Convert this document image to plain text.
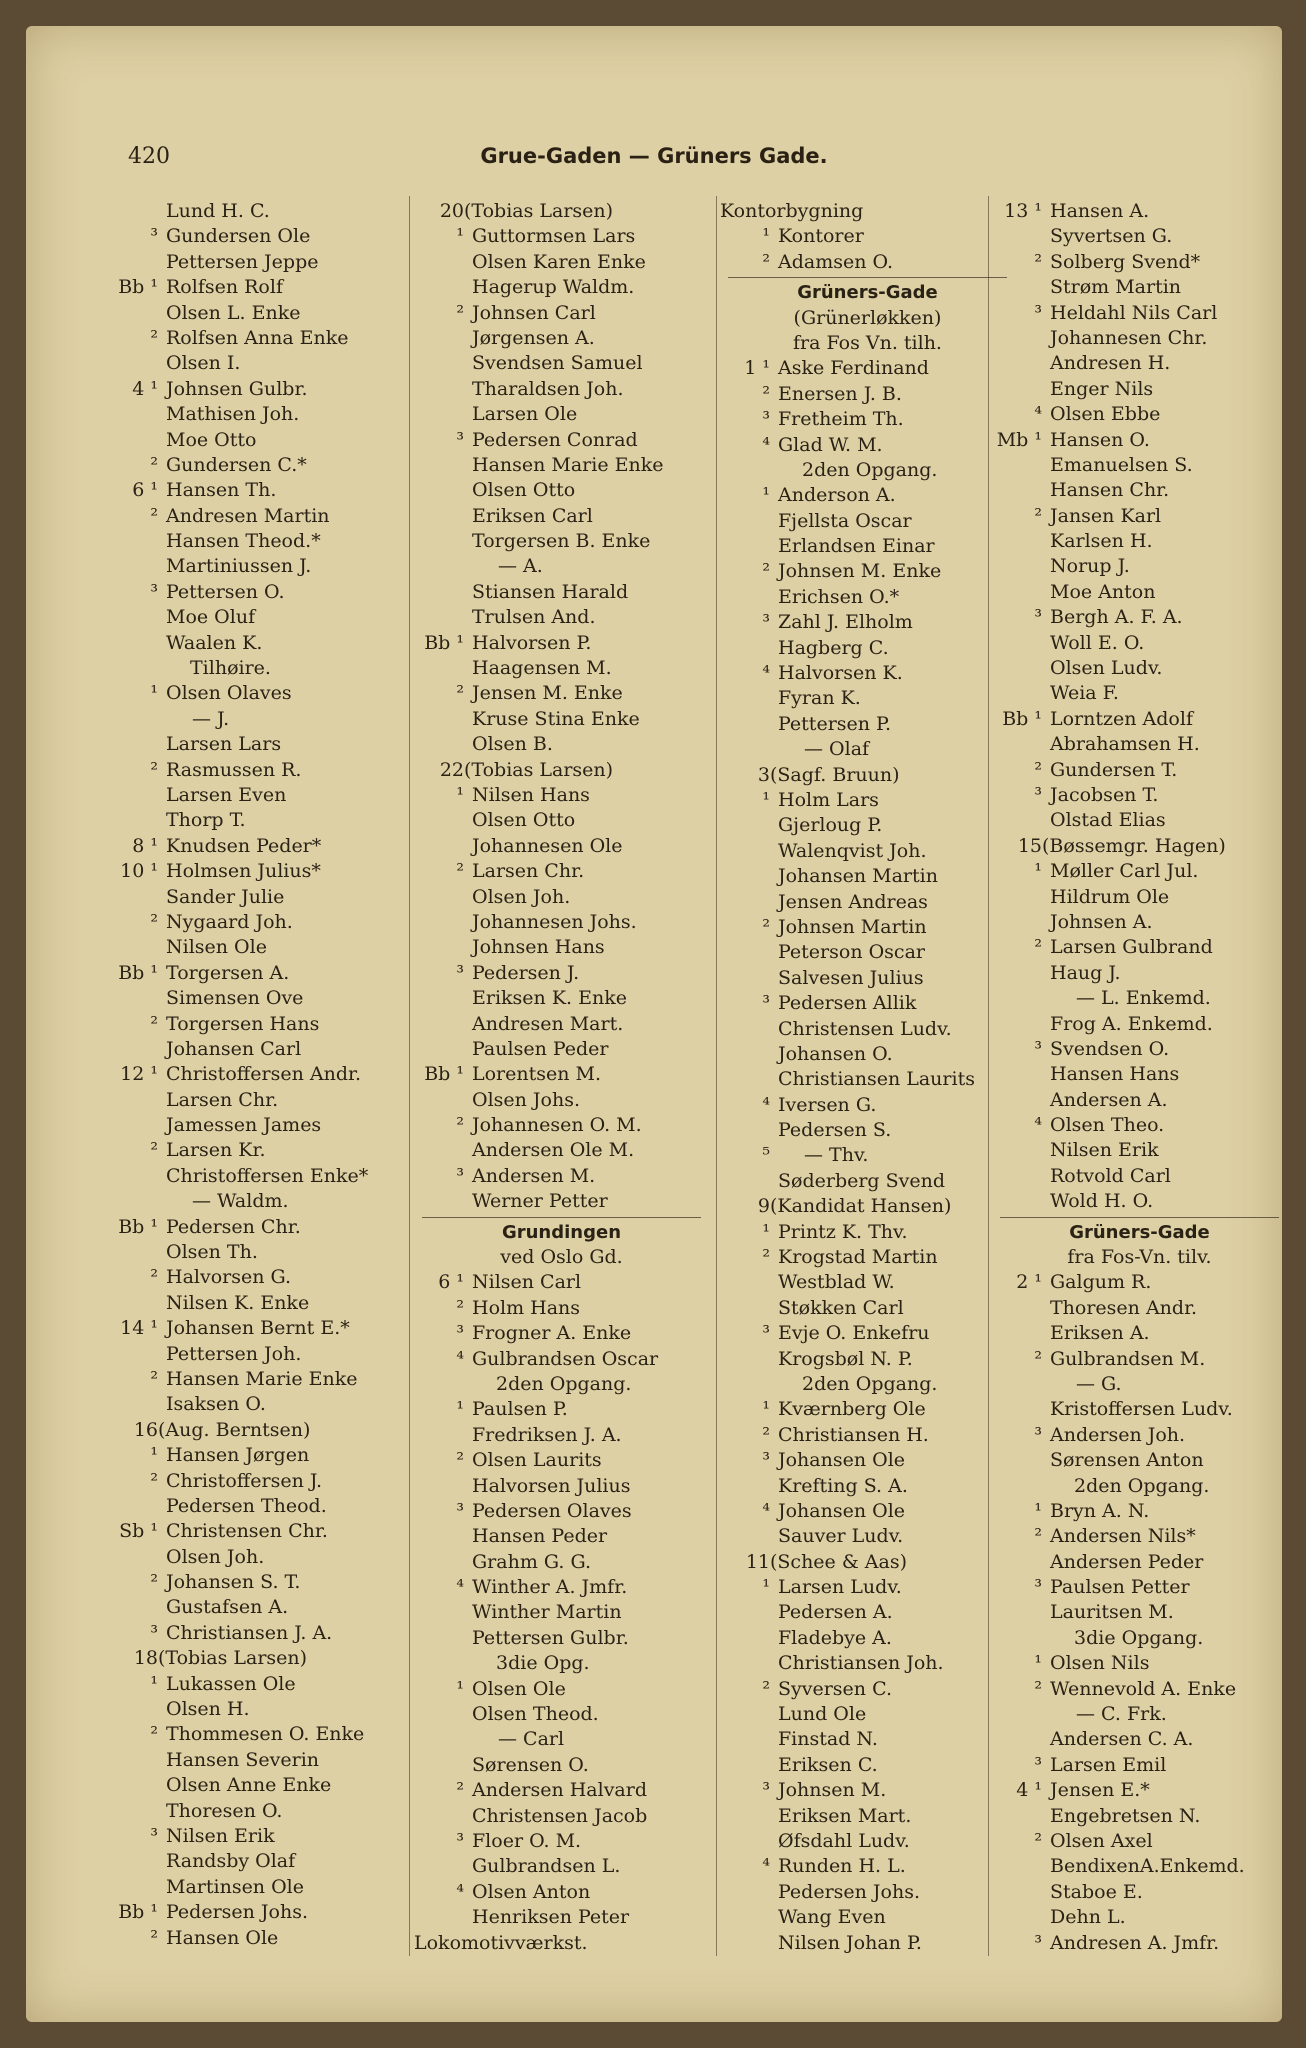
420	Grue-Gaden — Grüners Gade.
Lund H. C.
³ Gundersen Ole
Pettersen Jeppe
Bb ¹ Rolfsen Rolf
Olsen L. Enke
² Rolfsen Anna Enke
Olsen I.
4 ¹ Johnsen Gulbr.
Mathisen Joh.
Moe Otto
² Gundersen C.*
6 ¹ Hansen Th.
² Andresen Martin
Hansen Theod.*
Martiniussen J.
³ Pettersen O.
Moe Oluf
Waalen K.
Tilhøire.
¹ Olsen Olaves
— J.
Larsen Lars
² Rasmussen R.
Larsen Even
Thorp T.
8 ¹ Knudsen Peder*
10 ¹ Holmsen Julius*
Sander Julie
² Nygaard Joh.
Nilsen Ole
Bb ¹ Torgersen A.
Simensen Ove
² Torgersen Hans
Johansen Carl
12 ¹ Christoffersen Andr.
Larsen Chr.
Jamessen James
² Larsen Kr.
Christoffersen Enke*
— Waldm.
Bb ¹ Pedersen Chr.
Olsen Th.
² Halvorsen G.
Nilsen K. Enke
14 ¹ Johansen Bernt E.*
Pettersen Joh.
² Hansen Marie Enke
Isaksen O.
16 (Aug. Berntsen)
¹ Hansen Jørgen
² Christoffersen J.
Pedersen Theod.
Sb ¹ Christensen Chr.
Olsen Joh.
² Johansen S. T.
Gustafsen A.
³ Christiansen J. A.
18 (Tobias Larsen)
¹ Lukassen Ole
Olsen H.
² Thommesen O. Enke
Hansen Severin
Olsen Anne Enke
Thoresen O.
³ Nilsen Erik
Randsby Olaf
Martinsen Ole
Bb ¹ Pedersen Johs.
² Hansen Ole
20 (Tobias Larsen)
¹ Guttormsen Lars
Olsen Karen Enke
Hagerup Waldm.
² Johnsen Carl
Jørgensen A.
Svendsen Samuel
Tharaldsen Joh.
Larsen Ole
³ Pedersen Conrad
Hansen Marie Enke
Olsen Otto
Eriksen Carl
Torgersen B. Enke
— A.
Stiansen Harald
Trulsen And.
Bb ¹ Halvorsen P.
Haagensen M.
² Jensen M. Enke
Kruse Stina Enke
Olsen B.
22 (Tobias Larsen)
¹ Nilsen Hans
Olsen Otto
Johannesen Ole
² Larsen Chr.
Olsen Joh.
Johannesen Johs.
Johnsen Hans
³ Pedersen J.
Eriksen K. Enke
Andresen Mart.
Paulsen Peder
Bb ¹ Lorentsen M.
Olsen Johs.
² Johannesen O. M.
Andersen Ole M.
³ Andersen M.
Werner Petter
Grundingen
ved Oslo Gd.
6 ¹ Nilsen Carl
² Holm Hans
³ Frogner A. Enke
⁴ Gulbrandsen Oscar
2den Opgang.
¹ Paulsen P.
Fredriksen J. A.
² Olsen Laurits
Halvorsen Julius
³ Pedersen Olaves
Hansen Peder
Grahm G. G.
⁴ Winther A. Jmfr.
Winther Martin
Pettersen Gulbr.
3die Opg.
¹ Olsen Ole
Olsen Theod.
— Carl
Sørensen O.
² Andersen Halvard
Christensen Jacob
³ Floer O. M.
Gulbrandsen L.
⁴ Olsen Anton
Henriksen Peter
Lokomotivværkst.
Kontorbygning
¹ Kontorer
² Adamsen O.
Grüners-Gade
(Grünerløkken)
fra Fos Vn. tilh.
1 ¹ Aske Ferdinand
² Enersen J. B.
³ Fretheim Th.
⁴ Glad W. M.
2den Opgang.
¹ Anderson A.
Fjellsta Oscar
Erlandsen Einar
² Johnsen M. Enke
Erichsen O.*
³ Zahl J. Elholm
Hagberg C.
⁴ Halvorsen K.
Fyran K.
Pettersen P.
— Olaf
3 (Sagf. Bruun)
¹ Holm Lars
Gjerloug P.
Walenqvist Joh.
Johansen Martin
Jensen Andreas
² Johnsen Martin
Peterson Oscar
Salvesen Julius
³ Pedersen Allik
Christensen Ludv.
Johansen O.
Christiansen Laurits
⁴ Iversen G.
Pedersen S.
⁵ — Thv.
Søderberg Svend
9 (Kandidat Hansen)
¹ Printz K. Thv.
² Krogstad Martin
Westblad W.
Støkken Carl
³ Evje O. Enkefru
Krogsbøl N. P.
2den Opgang.
¹ Kværnberg Ole
² Christiansen H.
³ Johansen Ole
Krefting S. A.
⁴ Johansen Ole
Sauver Ludv.
11 (Schee & Aas)
¹ Larsen Ludv.
Pedersen A.
Fladebye A.
Christiansen Joh.
² Syversen C.
Lund Ole
Finstad N.
Eriksen C.
³ Johnsen M.
Eriksen Mart.
Øfsdahl Ludv.
⁴ Runden H. L.
Pedersen Johs.
Wang Even
Nilsen Johan P.
13 ¹ Hansen A.
Syvertsen G.
² Solberg Svend*
Strøm Martin
³ Heldahl Nils Carl
Johannesen Chr.
Andresen H.
Enger Nils
⁴ Olsen Ebbe
Mb ¹ Hansen O.
Emanuelsen S.
Hansen Chr.
² Jansen Karl
Karlsen H.
Norup J.
Moe Anton
³ Bergh A. F. A.
Woll E. O.
Olsen Ludv.
Weia F.
Bb ¹ Lorntzen Adolf
Abrahamsen H.
² Gundersen T.
³ Jacobsen T.
Olstad Elias
15 (Bøssemgr. Hagen)
¹ Møller Carl Jul.
Hildrum Ole
Johnsen A.
² Larsen Gulbrand
Haug J.
— L. Enkemd.
Frog A. Enkemd.
³ Svendsen O.
Hansen Hans
Andersen A.
⁴ Olsen Theo.
Nilsen Erik
Rotvold Carl
Wold H. O.
Grüners-Gade
fra Fos-Vn. tilv.
2 ¹ Galgum R.
Thoresen Andr.
Eriksen A.
² Gulbrandsen M.
— G.
Kristoffersen Ludv.
³ Andersen Joh.
Sørensen Anton
2den Opgang.
¹ Bryn A. N.
² Andersen Nils*
Andersen Peder
³ Paulsen Petter
Lauritsen M.
3die Opgang.
¹ Olsen Nils
² Wennevold A. Enke
— C. Frk.
Andersen C. A.
³ Larsen Emil
4 ¹ Jensen E.*
Engebretsen N.
² Olsen Axel
BendixenA.Enkemd.
Staboe E.
Dehn L.
³ Andresen A. Jmfr.
